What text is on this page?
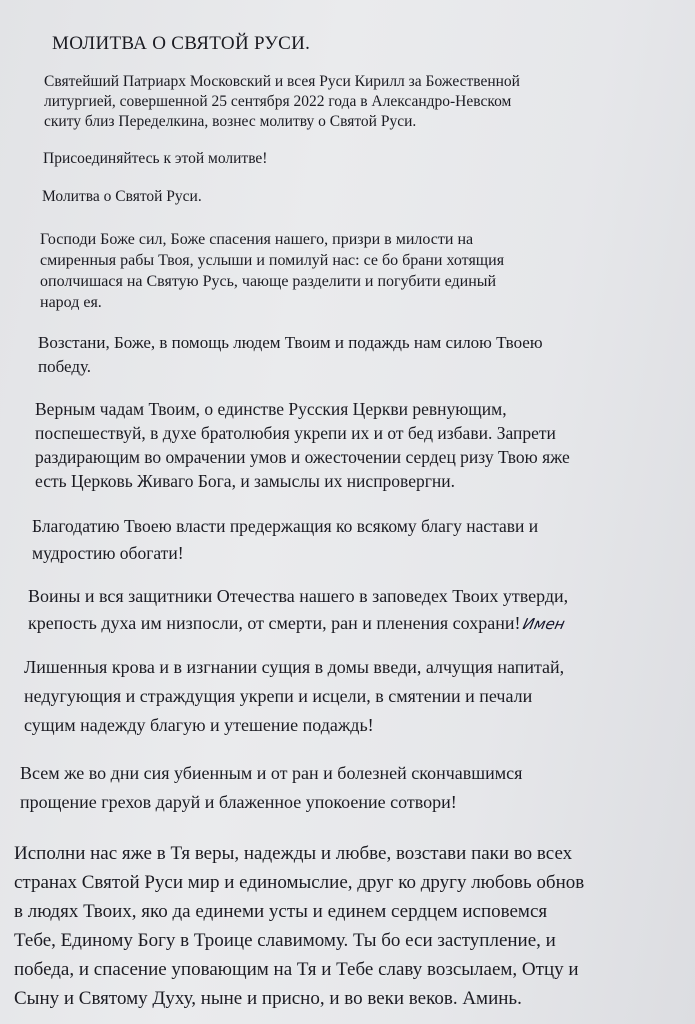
МОЛИТВА О СВЯТОЙ РУСИ.

Святейший Патриарх Московский и всея Руси Кирилл за Божественной
литургией, совершенной 25 сентября 2022 года в Александро-Невском
скиту близ Переделкина, вознес молитву о Святой Руси.

Присоединяйтесь к этой молитве!

Молитва о Святой Руси.

Господи Боже сил, Боже спасения нашего, призри в милости на
смиренныя рабы Твоя, услыши и помилуй нас: се бо брани хотящия
ополчишася на Святую Русь, чающе разделити и погубити единый
народ ея.

Возстани, Боже, в помощь людем Твоим и подаждь нам силою Твоею
победу.

Верным чадам Твоим, о единстве Русския Церкви ревнующим,
поспешествуй, в духе братолюбия укрепи их и от бед избави. Запрети
раздирающим во омрачении умов и ожесточении сердец ризу Твою яже
есть Церковь Живаго Бога, и замыслы их ниспровергни.

Благодатию Твоею власти предержащия ко всякому благу настави и
мудростию обогати!

Воины и вся защитники Отечества нашего в заповедех Твоих утверди,
крепость духа им низпосли, от смерти, ран и пленения сохрани!Имен

Лишенныя крова и в изгнании сущия в домы введи, алчущия напитай,
недугующия и страждущия укрепи и исцели, в смятении и печали
сущим надежду благую и утешение подаждь!

Всем же во дни сия убиенным и от ран и болезней скончавшимся
прощение грехов даруй и блаженное упокоение сотвори!

Исполни нас яже в Тя веры, надежды и любве, возстави паки во всех
странах Святой Руси мир и единомыслие, друг ко другу любовь обнов
в людях Твоих, яко да единеми усты и единем сердцем исповемся
Тебе, Единому Богу в Троице славимому. Ты бо еси заступление, и
победа, и спасение уповающим на Тя и Тебе славу возсылаем, Отцу и
Сыну и Святому Духу, ныне и присно, и во веки веков. Аминь.
